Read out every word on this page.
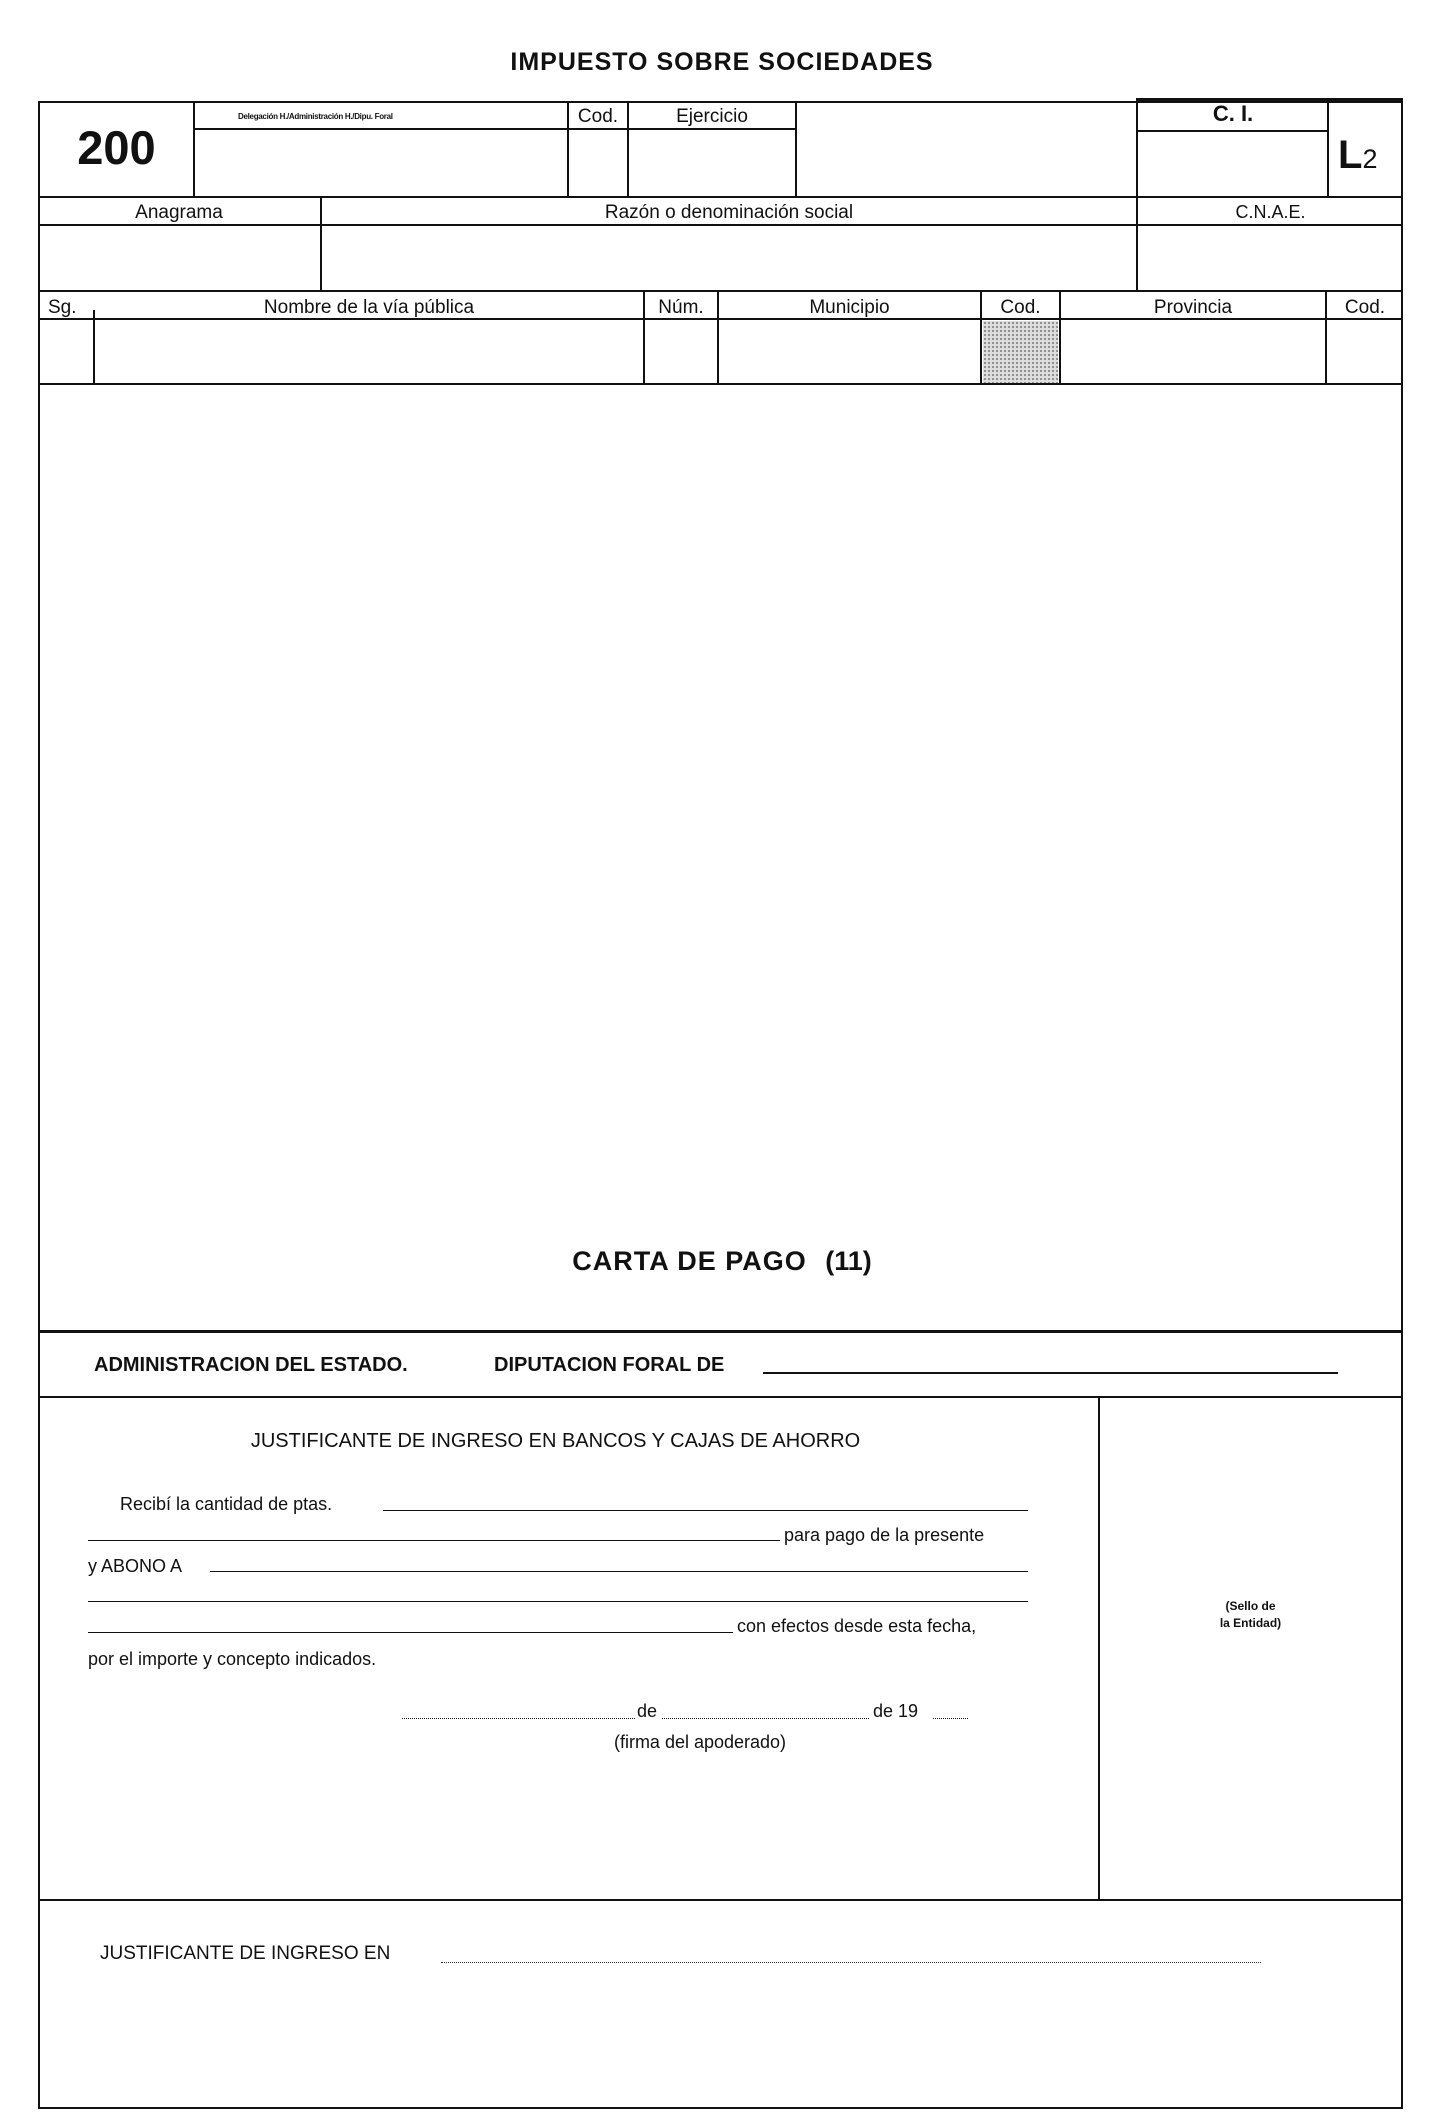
IMPUESTO SOBRE SOCIEDADES
200
Delegación H./Administración H./Dipu. Foral	Cod.	Ejercicio	C. I.
L2
Anagrama	Razón o denominación social	C.N.A.E.
Sg.	Nombre de la vía pública	Núm.	Municipio	Cod.	Provincia	Cod.
CARTA DE PAGO (11)
ADMINISTRACION DEL ESTADO.	DIPUTACION FORAL DE
JUSTIFICANTE DE INGRESO EN BANCOS Y CAJAS DE AHORRO
Recibí la cantidad de ptas.
para pago de la presente
y ABONO A
con efectos desde esta fecha,
por el importe y concepto indicados.
de	de 19
(firma del apoderado)
(Sello de
la Entidad)
JUSTIFICANTE DE INGRESO EN
